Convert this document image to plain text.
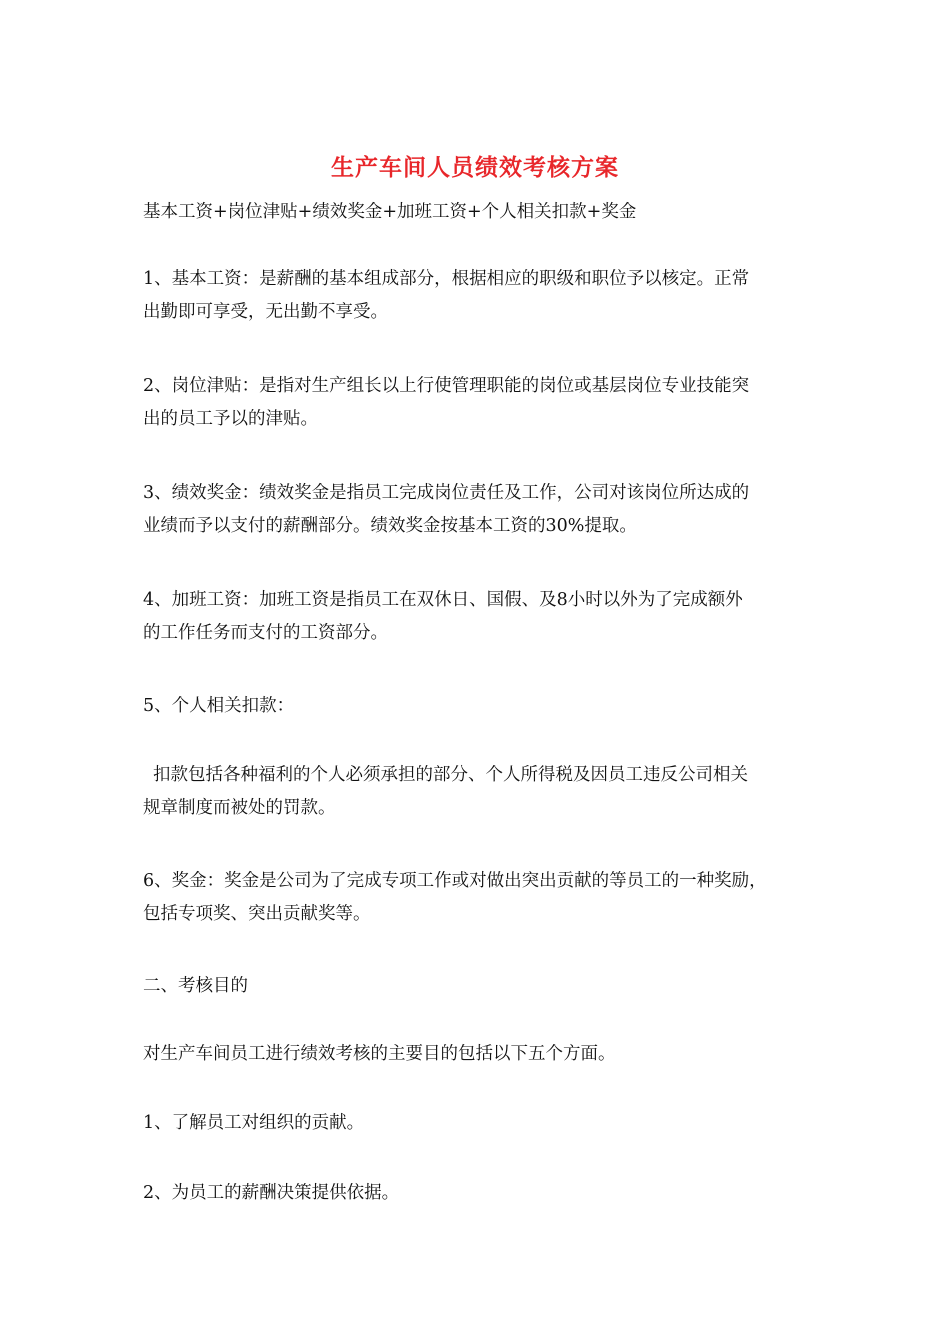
生产车间人员绩效考核方案
基本工资+岗位津贴+绩效奖金+加班工资+个人相关扣款+奖金
1、基本工资：是薪酬的基本组成部分，根据相应的职级和职位予以核定。正常
出勤即可享受，无出勤不享受。
2、岗位津贴：是指对生产组长以上行使管理职能的岗位或基层岗位专业技能突
出的员工予以的津贴。
3、绩效奖金：绩效奖金是指员工完成岗位责任及工作，公司对该岗位所达成的
业绩而予以支付的薪酬部分。绩效奖金按基本工资的30%提取。
4、加班工资：加班工资是指员工在双休日、国假、及8小时以外为了完成额外
的工作任务而支付的工资部分。
5、个人相关扣款：
扣款包括各种福利的个人必须承担的部分、个人所得税及因员工违反公司相关
规章制度而被处的罚款。
6、奖金：奖金是公司为了完成专项工作或对做出突出贡献的等员工的一种奖励，
包括专项奖、突出贡献奖等。
二、考核目的
对生产车间员工进行绩效考核的主要目的包括以下五个方面。
1、了解员工对组织的贡献。
2、为员工的薪酬决策提供依据。
